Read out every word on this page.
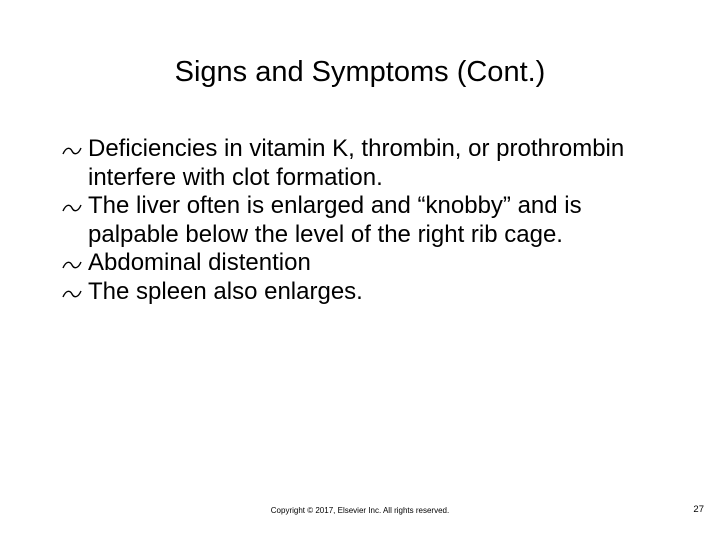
Signs and Symptoms (Cont.)
Deficiencies in vitamin K, thrombin, or prothrombin interfere with clot formation.
The liver often is enlarged and “knobby” and is palpable below the level of the right rib cage.
Abdominal distention
The spleen also enlarges.
Copyright © 2017, Elsevier Inc. All rights reserved.	27
